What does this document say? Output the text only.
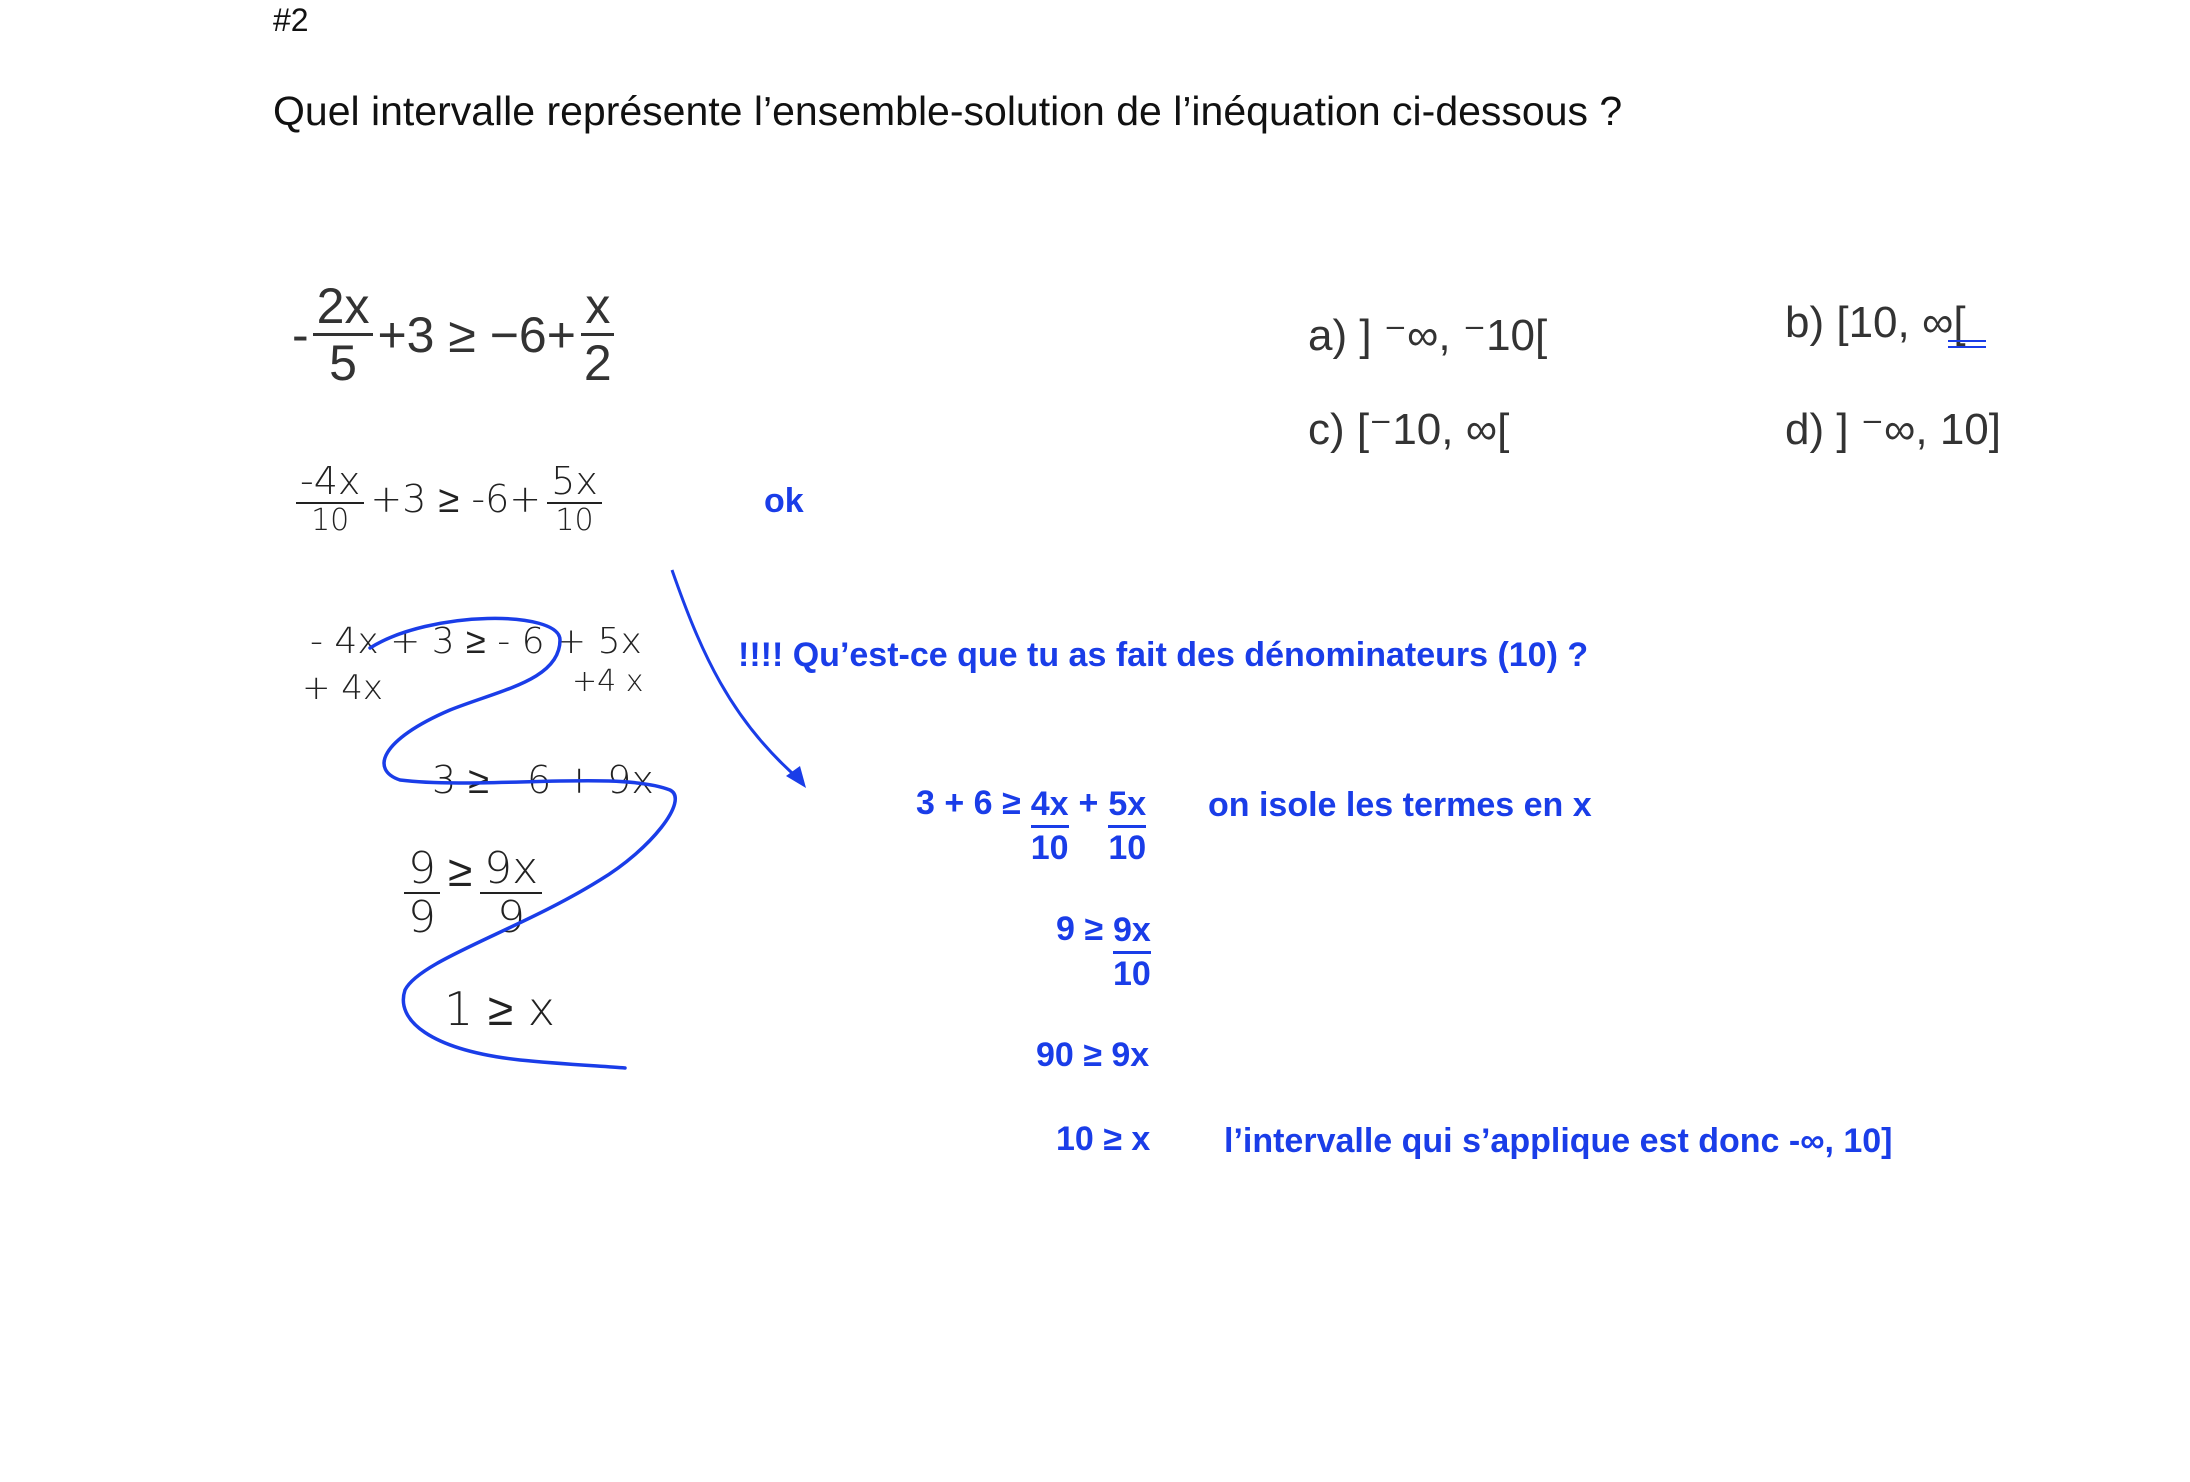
#2
Quel intervalle représente l’ensemble-solution de l’inéquation ci-dessous ?
- $\frac{2x}{5} +3 \ge -6+ \frac{x}{2}$	a) ] ⁻∞, ⁻10[	b) [10, ∞[
c) [⁻10, ∞[	d) ] ⁻∞, 10]
$\frac{-4x}{10} +3 \ge -6+ \frac{5x}{10}$
- 4x + 3 ≥ - 6 + 5x
+ 4x	+4 x
3 ≥ - 6 + 9x
$\frac{9}{9} \ge \frac{9x}{9}$
1 ≥ x
ok
!!!! Qu’est-ce que tu as fait des dénominateurs (10) ?
$3 + 6 \ge \frac{4x}{10} + \frac{5x}{10}$ on isole les termes en x
$9 \ge \frac{9x}{10}$
90 ≥ 9x
10 ≥ x l’intervalle qui s’applique est donc -∞, 10]
